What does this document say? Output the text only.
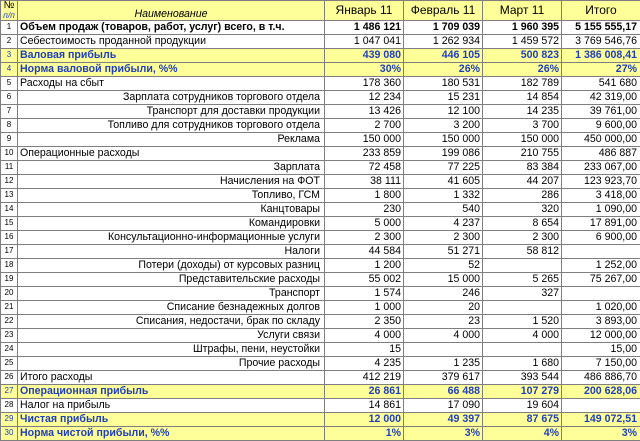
№
п/п	Наименование	Январь 11	Февраль 11	Март 11	Итого
1	Объем продаж (товаров, работ, услуг) всего, в т.ч.	1 486 121	1 709 039	1 960 395	5 155 555,17
2	Себестоимость проданной продукции	1 047 041	1 262 934	1 459 572	3 769 546,76
3	Валовая прибыль	439 080	446 105	500 823	1 386 008,41
4	Норма валовой прибыли, %%	30%	26%	26%	27%
5	Расходы на сбыт	178 360	180 531	182 789	541 680
6	Зарплата сотрудников торгового отдела	12 234	15 231	14 854	42 319,00
7	Транспорт для доставки продукции	13 426	12 100	14 235	39 761,00
8	Топливо для сотрудников торгового отдела	2 700	3 200	3 700	9 600,00
9	Реклама	150 000	150 000	150 000	450 000,00
10	Операционные расходы	233 859	199 086	210 755	486 887
11	Зарплата	72 458	77 225	83 384	233 067,00
12	Начисления на ФОТ	38 111	41 605	44 207	123 923,70
13	Топливо, ГСМ	1 800	1 332	286	3 418,00
14	Канцтовары	230	540	320	1 090,00
15	Командировки	5 000	4 237	8 654	17 891,00
16	Консультационно-информационные услуги	2 300	2 300	2 300	6 900,00
17	Налоги	44 584	51 271	58 812	
18	Потери (доходы) от курсовых разниц	1 200	52		1 252,00
19	Представительские расходы	55 002	15 000	5 265	75 267,00
20	Транспорт	1 574	246	327	
21	Списание безнадежных долгов	1 000	20		1 020,00
22	Списания, недостачи, брак по складу	2 350	23	1 520	3 893,00
23	Услуги связи	4 000	4 000	4 000	12 000,00
24	Штрафы, пени, неустойки	15			15,00
25	Прочие расходы	4 235	1 235	1 680	7 150,00
26	Итого расходы	412 219	379 617	393 544	486 886,70
27	Операционная прибыль	26 861	66 488	107 279	200 628,06
28	Налог на прибыль	14 861	17 090	19 604	
29	Чистая прибыль	12 000	49 397	87 675	149 072,51
30	Норма чистой прибыли, %%	1%	3%	4%	3%
